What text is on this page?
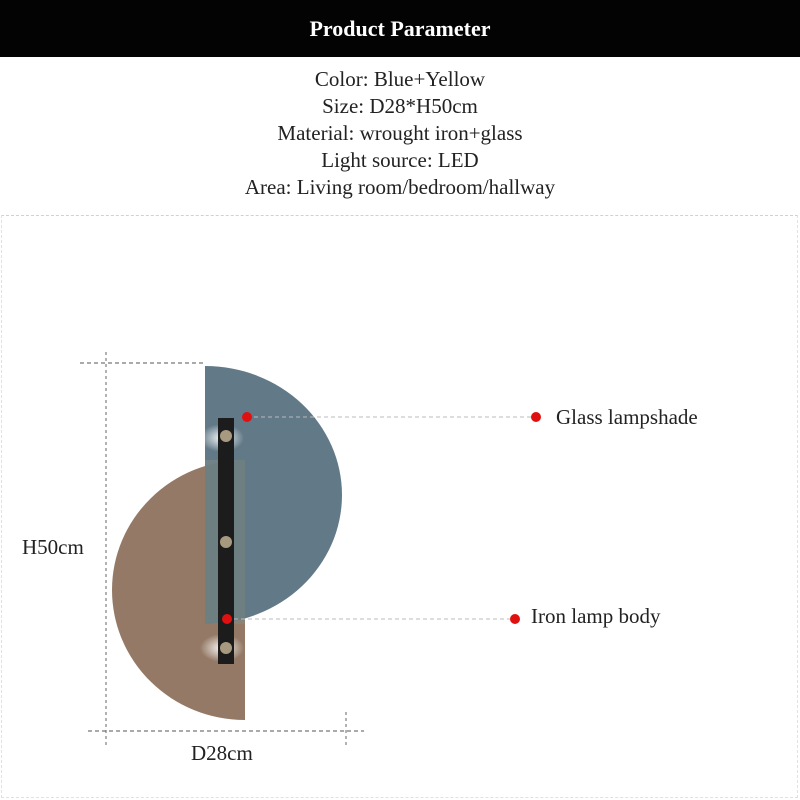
Product Parameter
Color: Blue+Yellow
Size: D28*H50cm
Material: wrought iron+glass
Light source: LED
Area: Living room/bedroom/hallway
H50cm
D28cm
Glass lampshade
Iron lamp body
